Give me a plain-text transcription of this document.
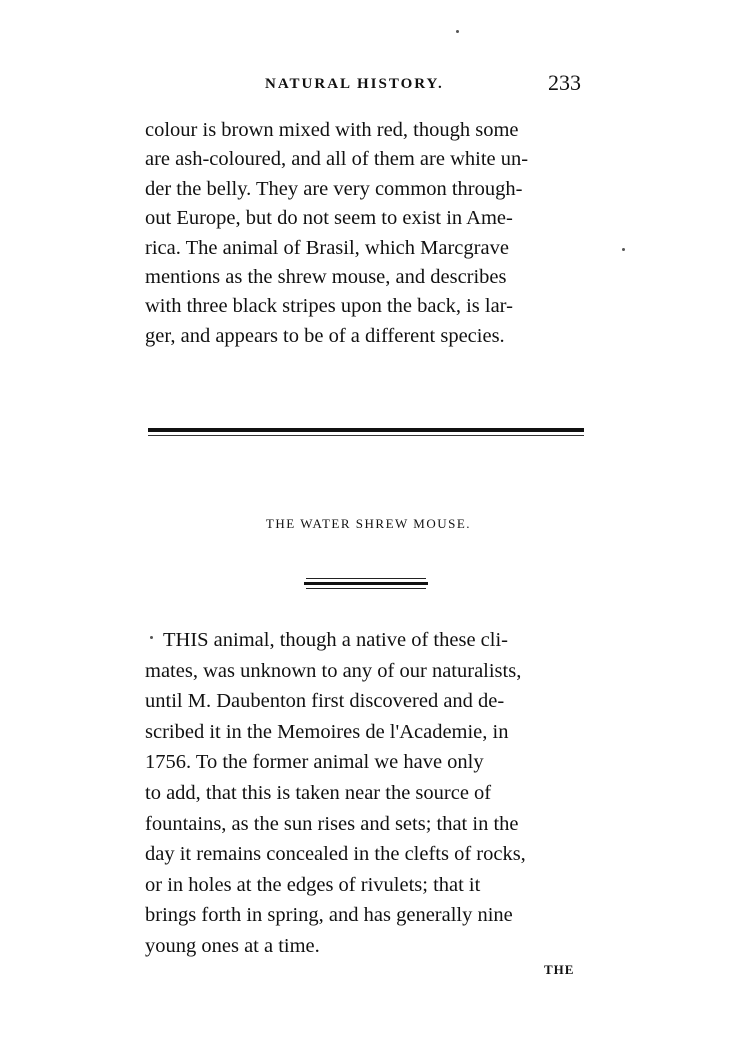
NATURAL HISTORY.	233
colour is brown mixed with red, though some
are ash-coloured, and all of them are white un-
der the belly. They are very common through-
out Europe, but do not seem to exist in Ame-
rica. The animal of Brasil, which Marcgrave
mentions as the shrew mouse, and describes
with three black stripes upon the back, is lar-
ger, and appears to be of a different species.
THE WATER SHREW MOUSE.
THIS animal, though a native of these cli-
mates, was unknown to any of our naturalists,
until M. Daubenton first discovered and de-
scribed it in the Memoires de l'Academie, in
1756. To the former animal we have only
to add, that this is taken near the source of
fountains, as the sun rises and sets; that in the
day it remains concealed in the clefts of rocks,
or in holes at the edges of rivulets; that it
brings forth in spring, and has generally nine
young ones at a time.
THE
